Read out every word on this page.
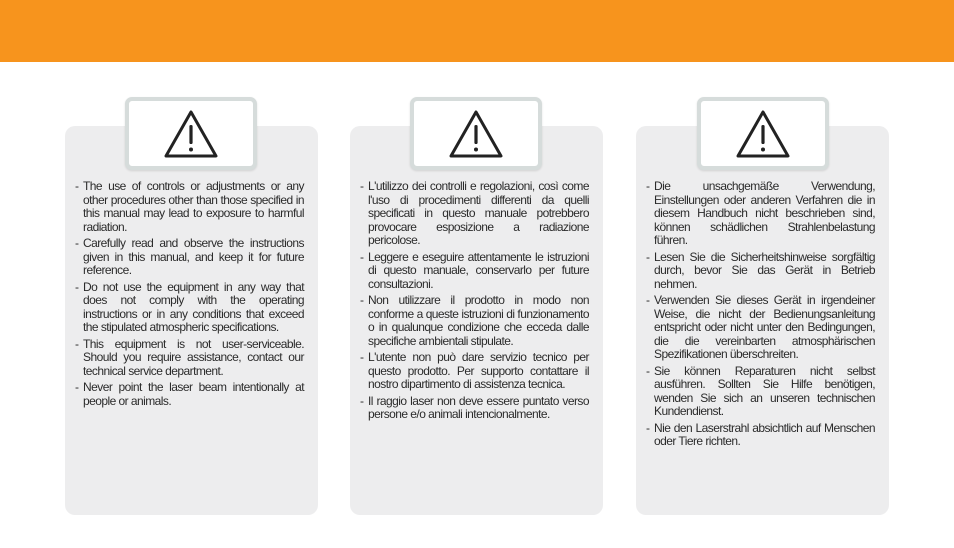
- The use of controls or adjustments or any other procedures other than those specified in this manual may lead to exposure to harmful radiation.
- Carefully read and observe the instructions given in this manual, and keep it for future reference.
- Do not use the equipment in any way that does not comply with the operating instructions or in any conditions that exceed the stipulated atmospheric specifications.
- This equipment is not user-serviceable. Should you require assistance, contact our technical service department.
- Never point the laser beam intentionally at people or animals.
- L'utilizzo dei controlli e regolazioni, così come l'uso di procedimenti differenti da quelli specificati in questo manuale potrebbero provocare esposizione a radiazione pericolose.
- Leggere e eseguire attentamente le istruzioni di questo manuale, conservarlo per future consultazioni.
- Non utilizzare il prodotto in modo non conforme a queste istruzioni di funzionamento o in qualunque condizione che ecceda dalle specifiche ambientali stipulate.
- L'utente non può dare servizio tecnico per questo prodotto. Per supporto contattare il nostro dipartimento di assistenza tecnica.
- Il raggio laser non deve essere puntato verso persone e/o animali intencionalmente.
- Die unsachgemäße Verwendung, Einstellungen oder anderen Verfahren die in diesem Handbuch nicht beschrieben sind, können schädlichen Strahlenbelastung führen.
- Lesen Sie die Sicherheitshinweise sorgfältig durch, bevor Sie das Gerät in Betrieb nehmen.
- Verwenden Sie dieses Gerät in irgendeiner Weise, die nicht der Bedienungsanleitung entspricht oder nicht unter den Bedingungen, die die vereinbarten atmosphärischen Spezifikationen überschreiten.
- Sie können Reparaturen nicht selbst ausführen. Sollten Sie Hilfe benötigen, wenden Sie sich an unseren technischen Kundendienst.
- Nie den Laserstrahl absichtlich auf Menschen oder Tiere richten.
